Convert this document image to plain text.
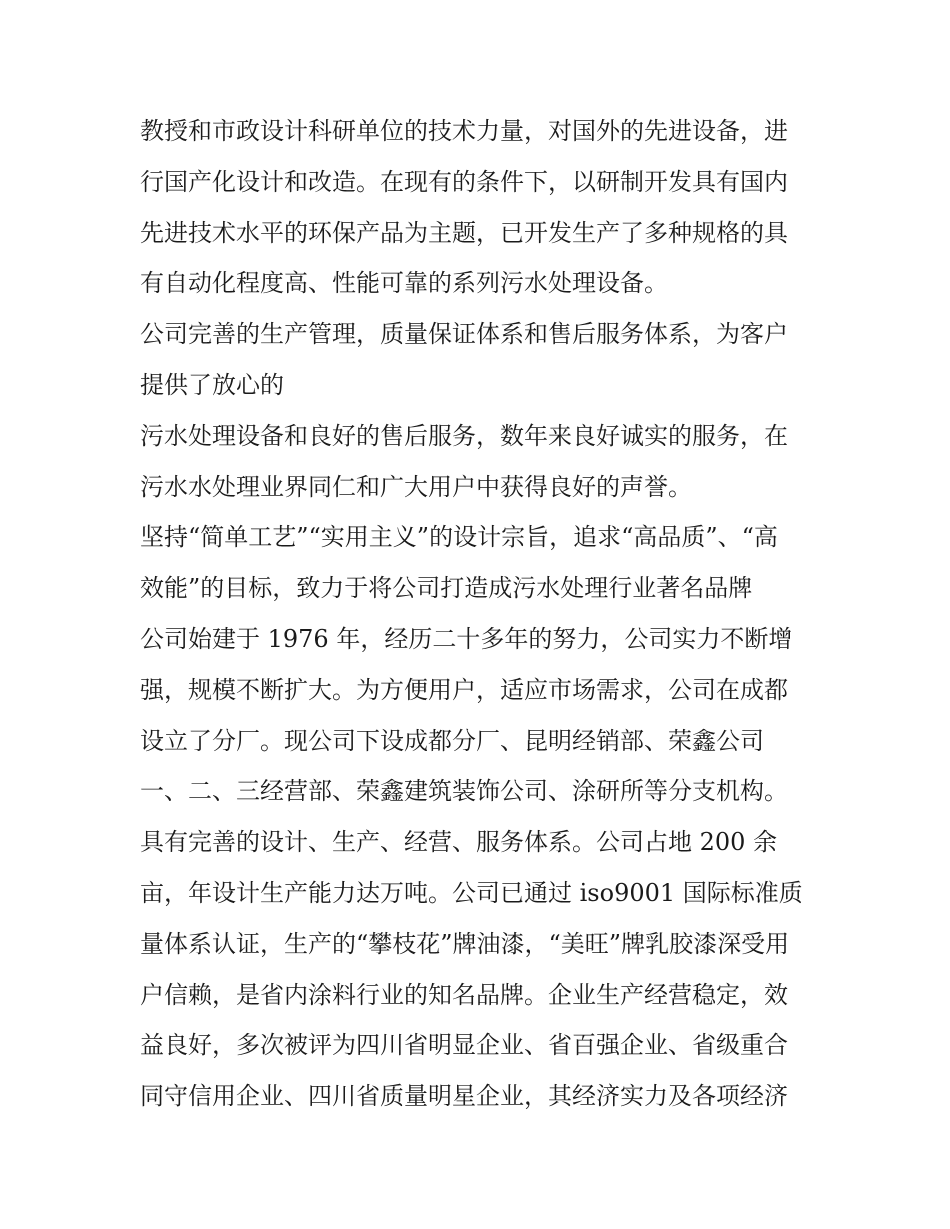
教授和市政设计科研单位的技术力量，对国外的先进设备，进
行国产化设计和改造。在现有的条件下，以研制开发具有国内
先进技术水平的环保产品为主题，已开发生产了多种规格的具
有自动化程度高、性能可靠的系列污水处理设备。
公司完善的生产管理，质量保证体系和售后服务体系，为客户
提供了放心的
污水处理设备和良好的售后服务，数年来良好诚实的服务，在
污水水处理业界同仁和广大用户中获得良好的声誉。
坚持“简单工艺”“实用主义”的设计宗旨，追求“高品质”、“高
效能”的目标，致力于将公司打造成污水处理行业著名品牌
公司始建于 1976 年，经历二十多年的努力，公司实力不断增
强，规模不断扩大。为方便用户，适应市场需求，公司在成都
设立了分厂。现公司下设成都分厂、昆明经销部、荣鑫公司
一、二、三经营部、荣鑫建筑装饰公司、涂研所等分支机构。
具有完善的设计、生产、经营、服务体系。公司占地 200 余
亩，年设计生产能力达万吨。公司已通过 iso9001 国际标准质
量体系认证，生产的“攀枝花”牌油漆，“美旺”牌乳胶漆深受用
户信赖，是省内涂料行业的知名品牌。企业生产经营稳定，效
益良好，多次被评为四川省明显企业、省百强企业、省级重合
同守信用企业、四川省质量明星企业，其经济实力及各项经济
